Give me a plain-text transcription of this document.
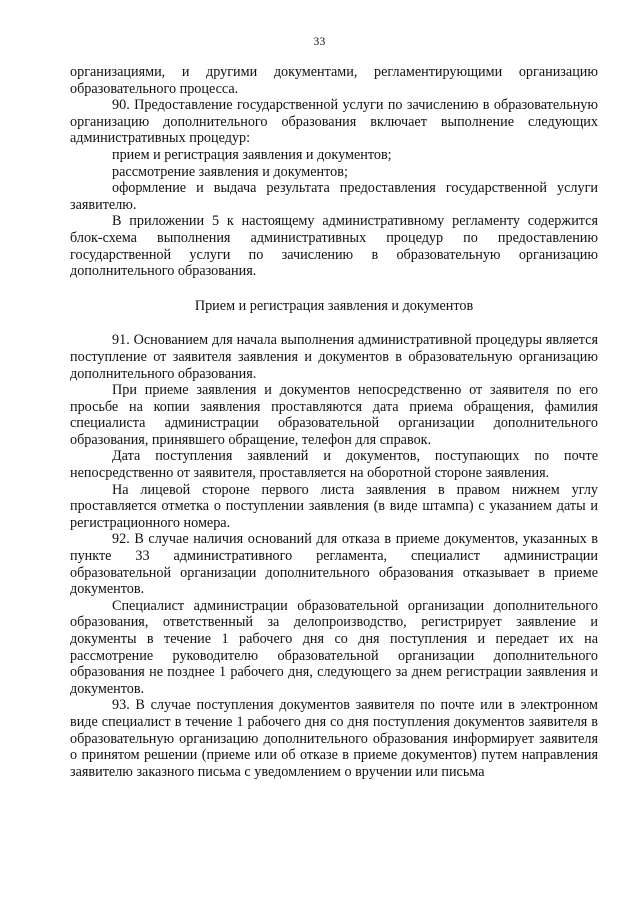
33

организациями, и другими документами, регламентирующими организацию образовательного процесса.

90. Предоставление государственной услуги по зачислению в образовательную организацию дополнительного образования включает выполнение следующих административных процедур:

прием и регистрация заявления и документов;

рассмотрение заявления и документов;

оформление и выдача результата предоставления государственной услуги заявителю.

В приложении 5 к настоящему административному регламенту содержится блок-схема выполнения административных процедур по предоставлению государственной услуги по зачислению в образовательную организацию дополнительного образования.

Прием и регистрация заявления и документов

91. Основанием для начала выполнения административной процедуры является поступление от заявителя заявления и документов в образовательную организацию дополнительного образования.

При приеме заявления и документов непосредственно от заявителя по его просьбе на копии заявления проставляются дата приема обращения, фамилия специалиста администрации образовательной организации дополнительного образования, принявшего обращение, телефон для справок.

Дата поступления заявлений и документов, поступающих по почте непосредственно от заявителя, проставляется на оборотной стороне заявления.

На лицевой стороне первого листа заявления в правом нижнем углу проставляется отметка о поступлении заявления (в виде штампа) с указанием даты и регистрационного номера.

92. В случае наличия оснований для отказа в приеме документов, указанных в пункте 33 административного регламента, специалист администрации образовательной организации дополнительного образования отказывает в приеме документов.

Специалист администрации образовательной организации дополнительного образования, ответственный за делопроизводство, регистрирует заявление и документы в течение 1 рабочего дня со дня поступления и передает их на рассмотрение руководителю образовательной организации дополнительного образования не позднее 1 рабочего дня, следующего за днем регистрации заявления и документов.

93. В случае поступления документов заявителя по почте или в электронном виде специалист в течение 1 рабочего дня со дня поступления документов заявителя в образовательную организацию дополнительного образования информирует заявителя о принятом решении (приеме или об отказе в приеме документов) путем направления заявителю заказного письма с уведомлением о вручении или письма
